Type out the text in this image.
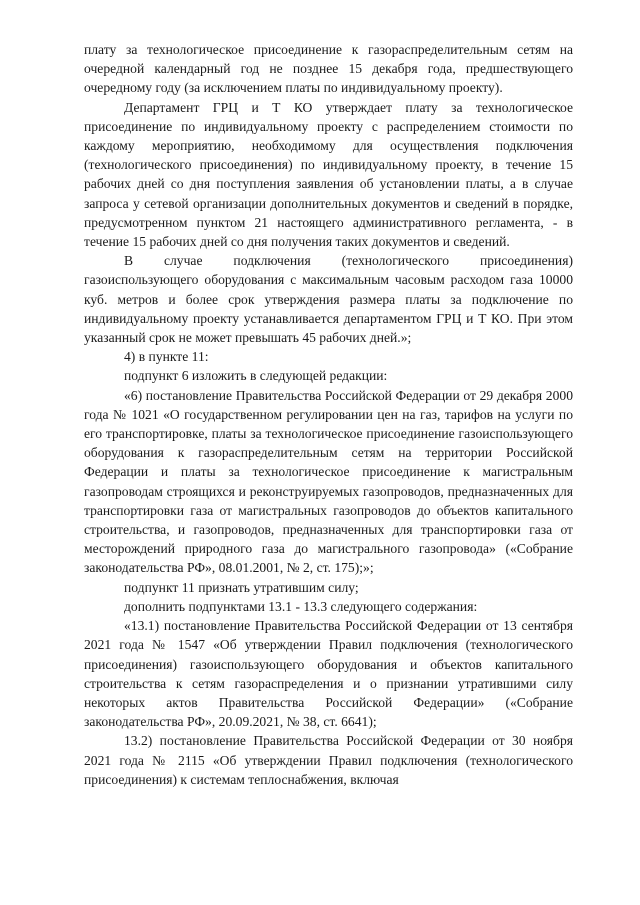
плату за технологическое присоединение к газораспределительным сетям на очередной календарный год не позднее 15 декабря года, предшествующего очередному году (за исключением платы по индивидуальному проекту).

Департамент ГРЦ и Т КО утверждает плату за технологическое присоединение по индивидуальному проекту с распределением стоимости по каждому мероприятию, необходимому для осуществления подключения (технологического присоединения) по индивидуальному проекту, в течение 15 рабочих дней со дня поступления заявления об установлении платы, а в случае запроса у сетевой организации дополнительных документов и сведений в порядке, предусмотренном пунктом 21 настоящего административного регламента, - в течение 15 рабочих дней со дня получения таких документов и сведений.

В случае подключения (технологического присоединения) газоиспользующего оборудования с максимальным часовым расходом газа 10000 куб. метров и более срок утверждения размера платы за подключение по индивидуальному проекту устанавливается департаментом ГРЦ и Т КО. При этом указанный срок не может превышать 45 рабочих дней.»;

4) в пункте 11:

подпункт 6 изложить в следующей редакции:

«6) постановление Правительства Российской Федерации от 29 декабря 2000 года № 1021 «О государственном регулировании цен на газ, тарифов на услуги по его транспортировке, платы за технологическое присоединение газоиспользующего оборудования к газораспределительным сетям на территории Российской Федерации и платы за технологическое присоединение к магистральным газопроводам строящихся и реконструируемых газопроводов, предназначенных для транспортировки газа от магистральных газопроводов до объектов капитального строительства, и газопроводов, предназначенных для транспортировки газа от месторождений природного газа до магистрального газопровода» («Собрание законодательства РФ», 08.01.2001, № 2, ст. 175);»;

подпункт 11 признать утратившим силу;

дополнить подпунктами 13.1 - 13.3 следующего содержания:

«13.1) постановление Правительства Российской Федерации от 13 сентября 2021 года № 1547 «Об утверждении Правил подключения (технологического присоединения) газоиспользующего оборудования и объектов капитального строительства к сетям газораспределения и о признании утратившими силу некоторых актов Правительства Российской Федерации» («Собрание законодательства РФ», 20.09.2021, № 38, ст. 6641);

13.2) постановление Правительства Российской Федерации от 30 ноября 2021 года № 2115 «Об утверждении Правил подключения (технологического присоединения) к системам теплоснабжения, включая
